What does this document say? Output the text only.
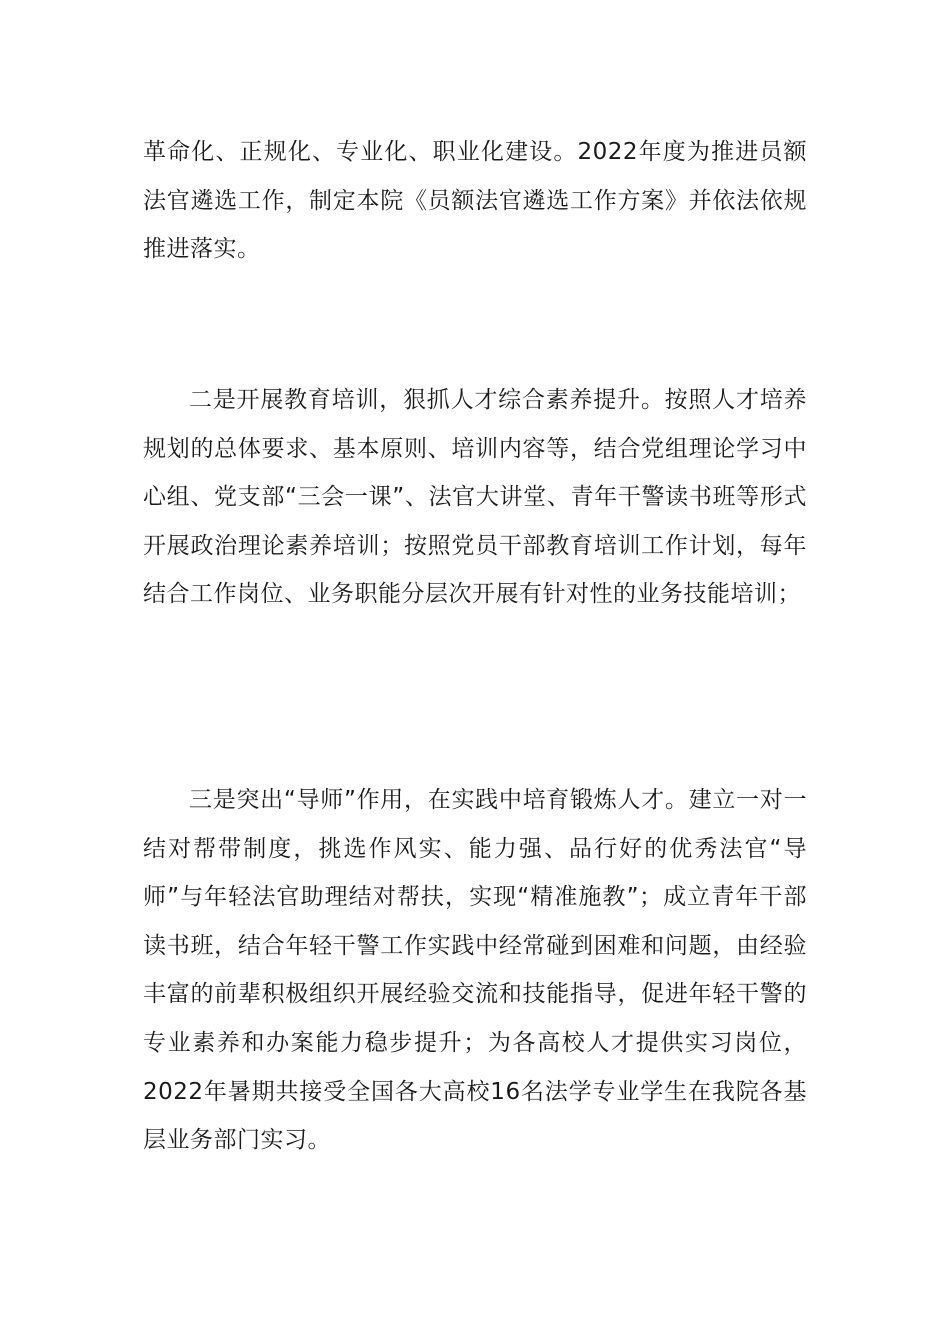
革命化、正规化、专业化、职业化建设。2022年度为推进员额法官遴选工作，制定本院《员额法官遴选工作方案》并依法依规推进落实。

二是开展教育培训，狠抓人才综合素养提升。按照人才培养规划的总体要求、基本原则、培训内容等，结合党组理论学习中心组、党支部“三会一课”、法官大讲堂、青年干警读书班等形式开展政治理论素养培训；按照党员干部教育培训工作计划，每年结合工作岗位、业务职能分层次开展有针对性的业务技能培训；

三是突出“导师”作用，在实践中培育锻炼人才。建立一对一结对帮带制度，挑选作风实、能力强、品行好的优秀法官“导师”与年轻法官助理结对帮扶，实现“精准施教”；成立青年干部读书班，结合年轻干警工作实践中经常碰到困难和问题，由经验丰富的前辈积极组织开展经验交流和技能指导，促进年轻干警的专业素养和办案能力稳步提升；为各高校人才提供实习岗位，2022年暑期共接受全国各大高校16名法学专业学生在我院各基层业务部门实习。
